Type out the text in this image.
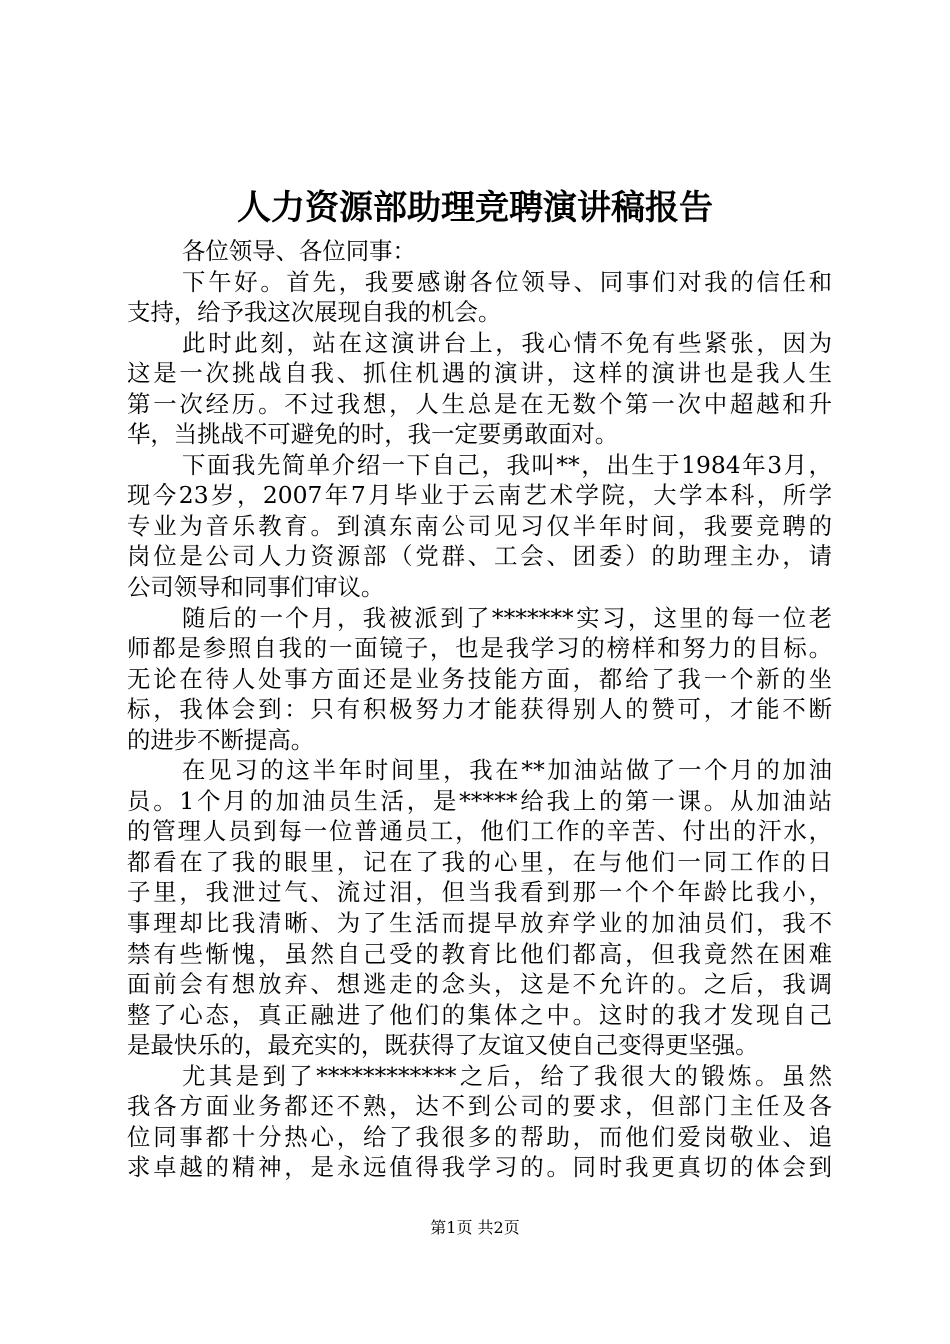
人力资源部助理竞聘演讲稿报告
各位领导、各位同事：
下午好。首先，我要感谢各位领导、同事们对我的信任和
支持，给予我这次展现自我的机会。
此时此刻，站在这演讲台上，我心情不免有些紧张，因为
这是一次挑战自我、抓住机遇的演讲，这样的演讲也是我人生
第一次经历。不过我想，人生总是在无数个第一次中超越和升
华，当挑战不可避免的时，我一定要勇敢面对。
下面我先简单介绍一下自己，我叫**，出生于1984年3月，
现今23岁，2007年7月毕业于云南艺术学院，大学本科，所学
专业为音乐教育。到滇东南公司见习仅半年时间，我要竞聘的
岗位是公司人力资源部（党群、工会、团委）的助理主办，请
公司领导和同事们审议。
随后的一个月，我被派到了*******实习，这里的每一位老
师都是参照自我的一面镜子，也是我学习的榜样和努力的目标。
无论在待人处事方面还是业务技能方面，都给了我一个新的坐
标，我体会到：只有积极努力才能获得别人的赞可，才能不断
的进步不断提高。
在见习的这半年时间里，我在**加油站做了一个月的加油
员。1个月的加油员生活，是*****给我上的第一课。从加油站
的管理人员到每一位普通员工，他们工作的辛苦、付出的汗水，
都看在了我的眼里，记在了我的心里，在与他们一同工作的日
子里，我泄过气、流过泪，但当我看到那一个个年龄比我小，
事理却比我清晰、为了生活而提早放弃学业的加油员们，我不
禁有些惭愧，虽然自己受的教育比他们都高，但我竟然在困难
面前会有想放弃、想逃走的念头，这是不允许的。之后，我调
整了心态，真正融进了他们的集体之中。这时的我才发现自己
是最快乐的，最充实的，既获得了友谊又使自己变得更坚强。
尤其是到了************之后，给了我很大的锻炼。虽然
我各方面业务都还不熟，达不到公司的要求，但部门主任及各
位同事都十分热心，给了我很多的帮助，而他们爱岗敬业、追
求卓越的精神，是永远值得我学习的。同时我更真切的体会到
第1页 共2页
